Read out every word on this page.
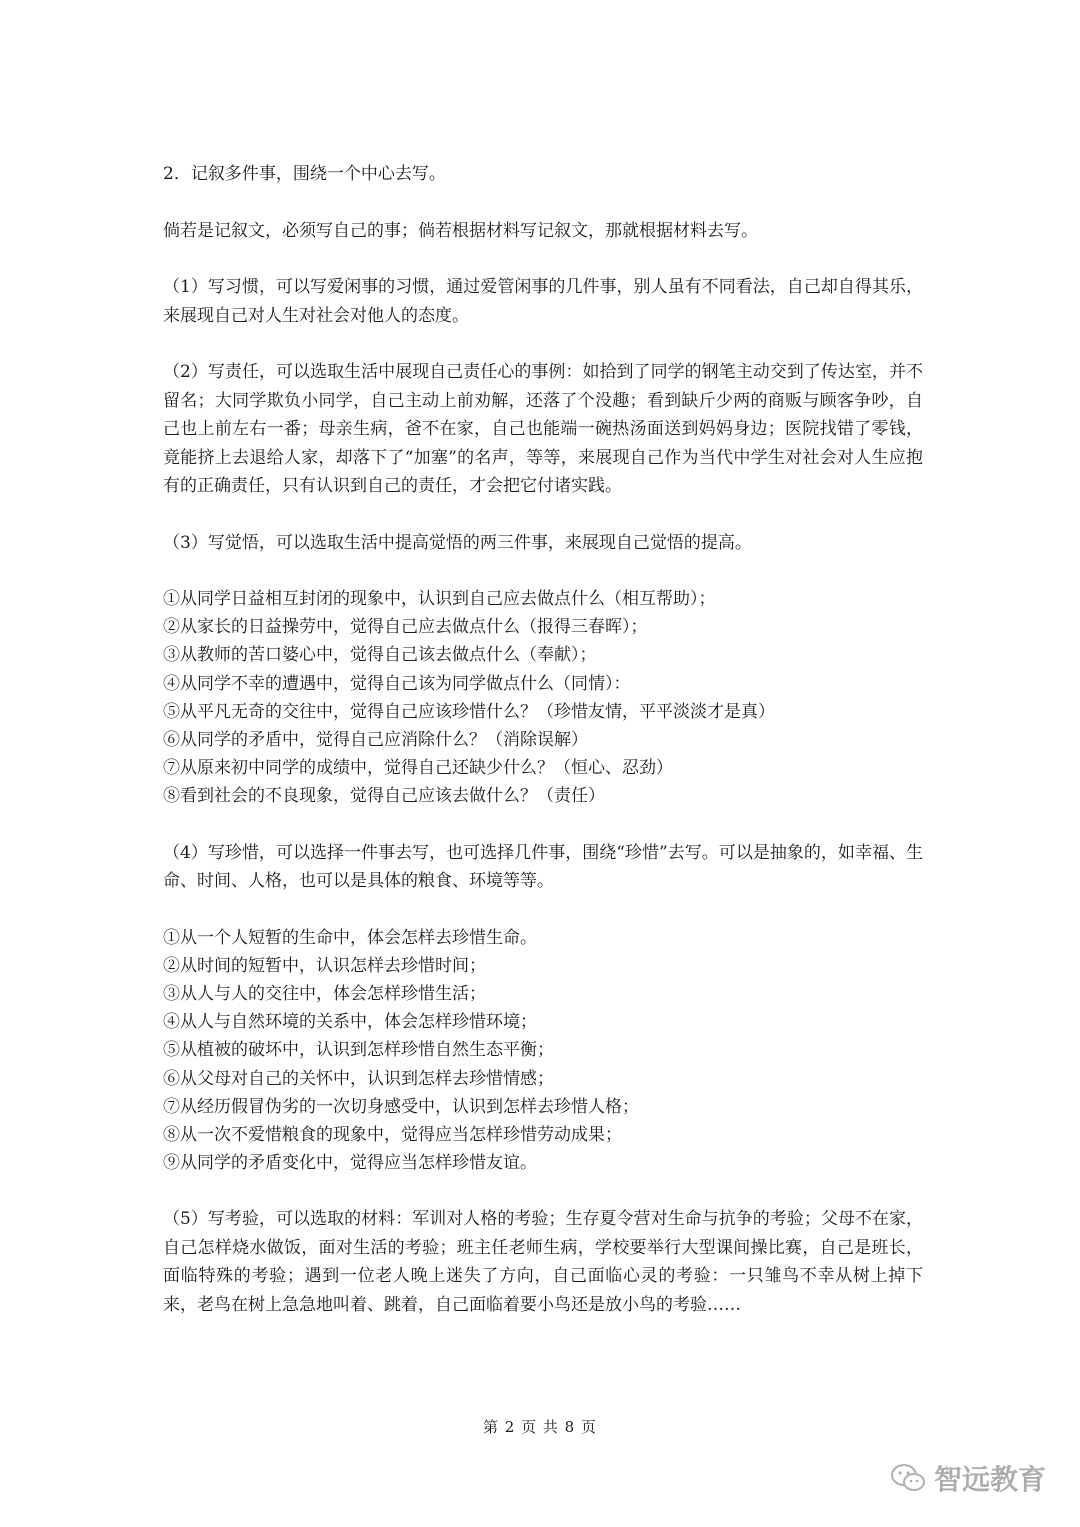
2．记叙多件事，围绕一个中心去写。

倘若是记叙文，必须写自己的事；倘若根据材料写记叙文，那就根据材料去写。

（1）写习惯，可以写爱闲事的习惯，通过爱管闲事的几件事，别人虽有不同看法，自己却自得其乐，来展现自己对人生对社会对他人的态度。

（2）写责任，可以选取生活中展现自己责任心的事例：如拾到了同学的钢笔主动交到了传达室，并不留名；大同学欺负小同学，自己主动上前劝解，还落了个没趣；看到缺斤少两的商贩与顾客争吵，自己也上前左右一番；母亲生病，爸不在家，自己也能端一碗热汤面送到妈妈身边；医院找错了零钱，竟能挤上去退给人家，却落下了“加塞”的名声，等等，来展现自己作为当代中学生对社会对人生应抱有的正确责任，只有认识到自己的责任，才会把它付诸实践。

（3）写觉悟，可以选取生活中提高觉悟的两三件事，来展现自己觉悟的提高。

①从同学日益相互封闭的现象中，认识到自己应去做点什么（相互帮助）；
②从家长的日益操劳中，觉得自己应去做点什么（报得三春晖）；
③从教师的苦口婆心中，觉得自己该去做点什么（奉献）；
④从同学不幸的遭遇中，觉得自己该为同学做点什么（同情）：
⑤从平凡无奇的交往中，觉得自己应该珍惜什么？（珍惜友情，平平淡淡才是真）
⑥从同学的矛盾中，觉得自己应消除什么？（消除误解）
⑦从原来初中同学的成绩中，觉得自己还缺少什么？（恒心、忍劲）
⑧看到社会的不良现象，觉得自己应该去做什么？（责任）

（4）写珍惜，可以选择一件事去写，也可选择几件事，围绕“珍惜”去写。可以是抽象的，如幸福、生命、时间、人格，也可以是具体的粮食、环境等等。

①从一个人短暂的生命中，体会怎样去珍惜生命。
②从时间的短暂中，认识怎样去珍惜时间；
③从人与人的交往中，体会怎样珍惜生活；
④从人与自然环境的关系中，体会怎样珍惜环境；
⑤从植被的破坏中，认识到怎样珍惜自然生态平衡；
⑥从父母对自己的关怀中，认识到怎样去珍惜情感；
⑦从经历假冒伪劣的一次切身感受中，认识到怎样去珍惜人格；
⑧从一次不爱惜粮食的现象中，觉得应当怎样珍惜劳动成果；
⑨从同学的矛盾变化中，觉得应当怎样珍惜友谊。

（5）写考验，可以选取的材料：军训对人格的考验；生存夏令营对生命与抗争的考验；父母不在家，自己怎样烧水做饭，面对生活的考验；班主任老师生病，学校要举行大型课间操比赛，自己是班长，面临特殊的考验；遇到一位老人晚上迷失了方向，自己面临心灵的考验：一只雏鸟不幸从树上掉下来，老鸟在树上急急地叫着、跳着，自己面临着要小鸟还是放小鸟的考验……

第 2 页 共 8 页
智远教育
